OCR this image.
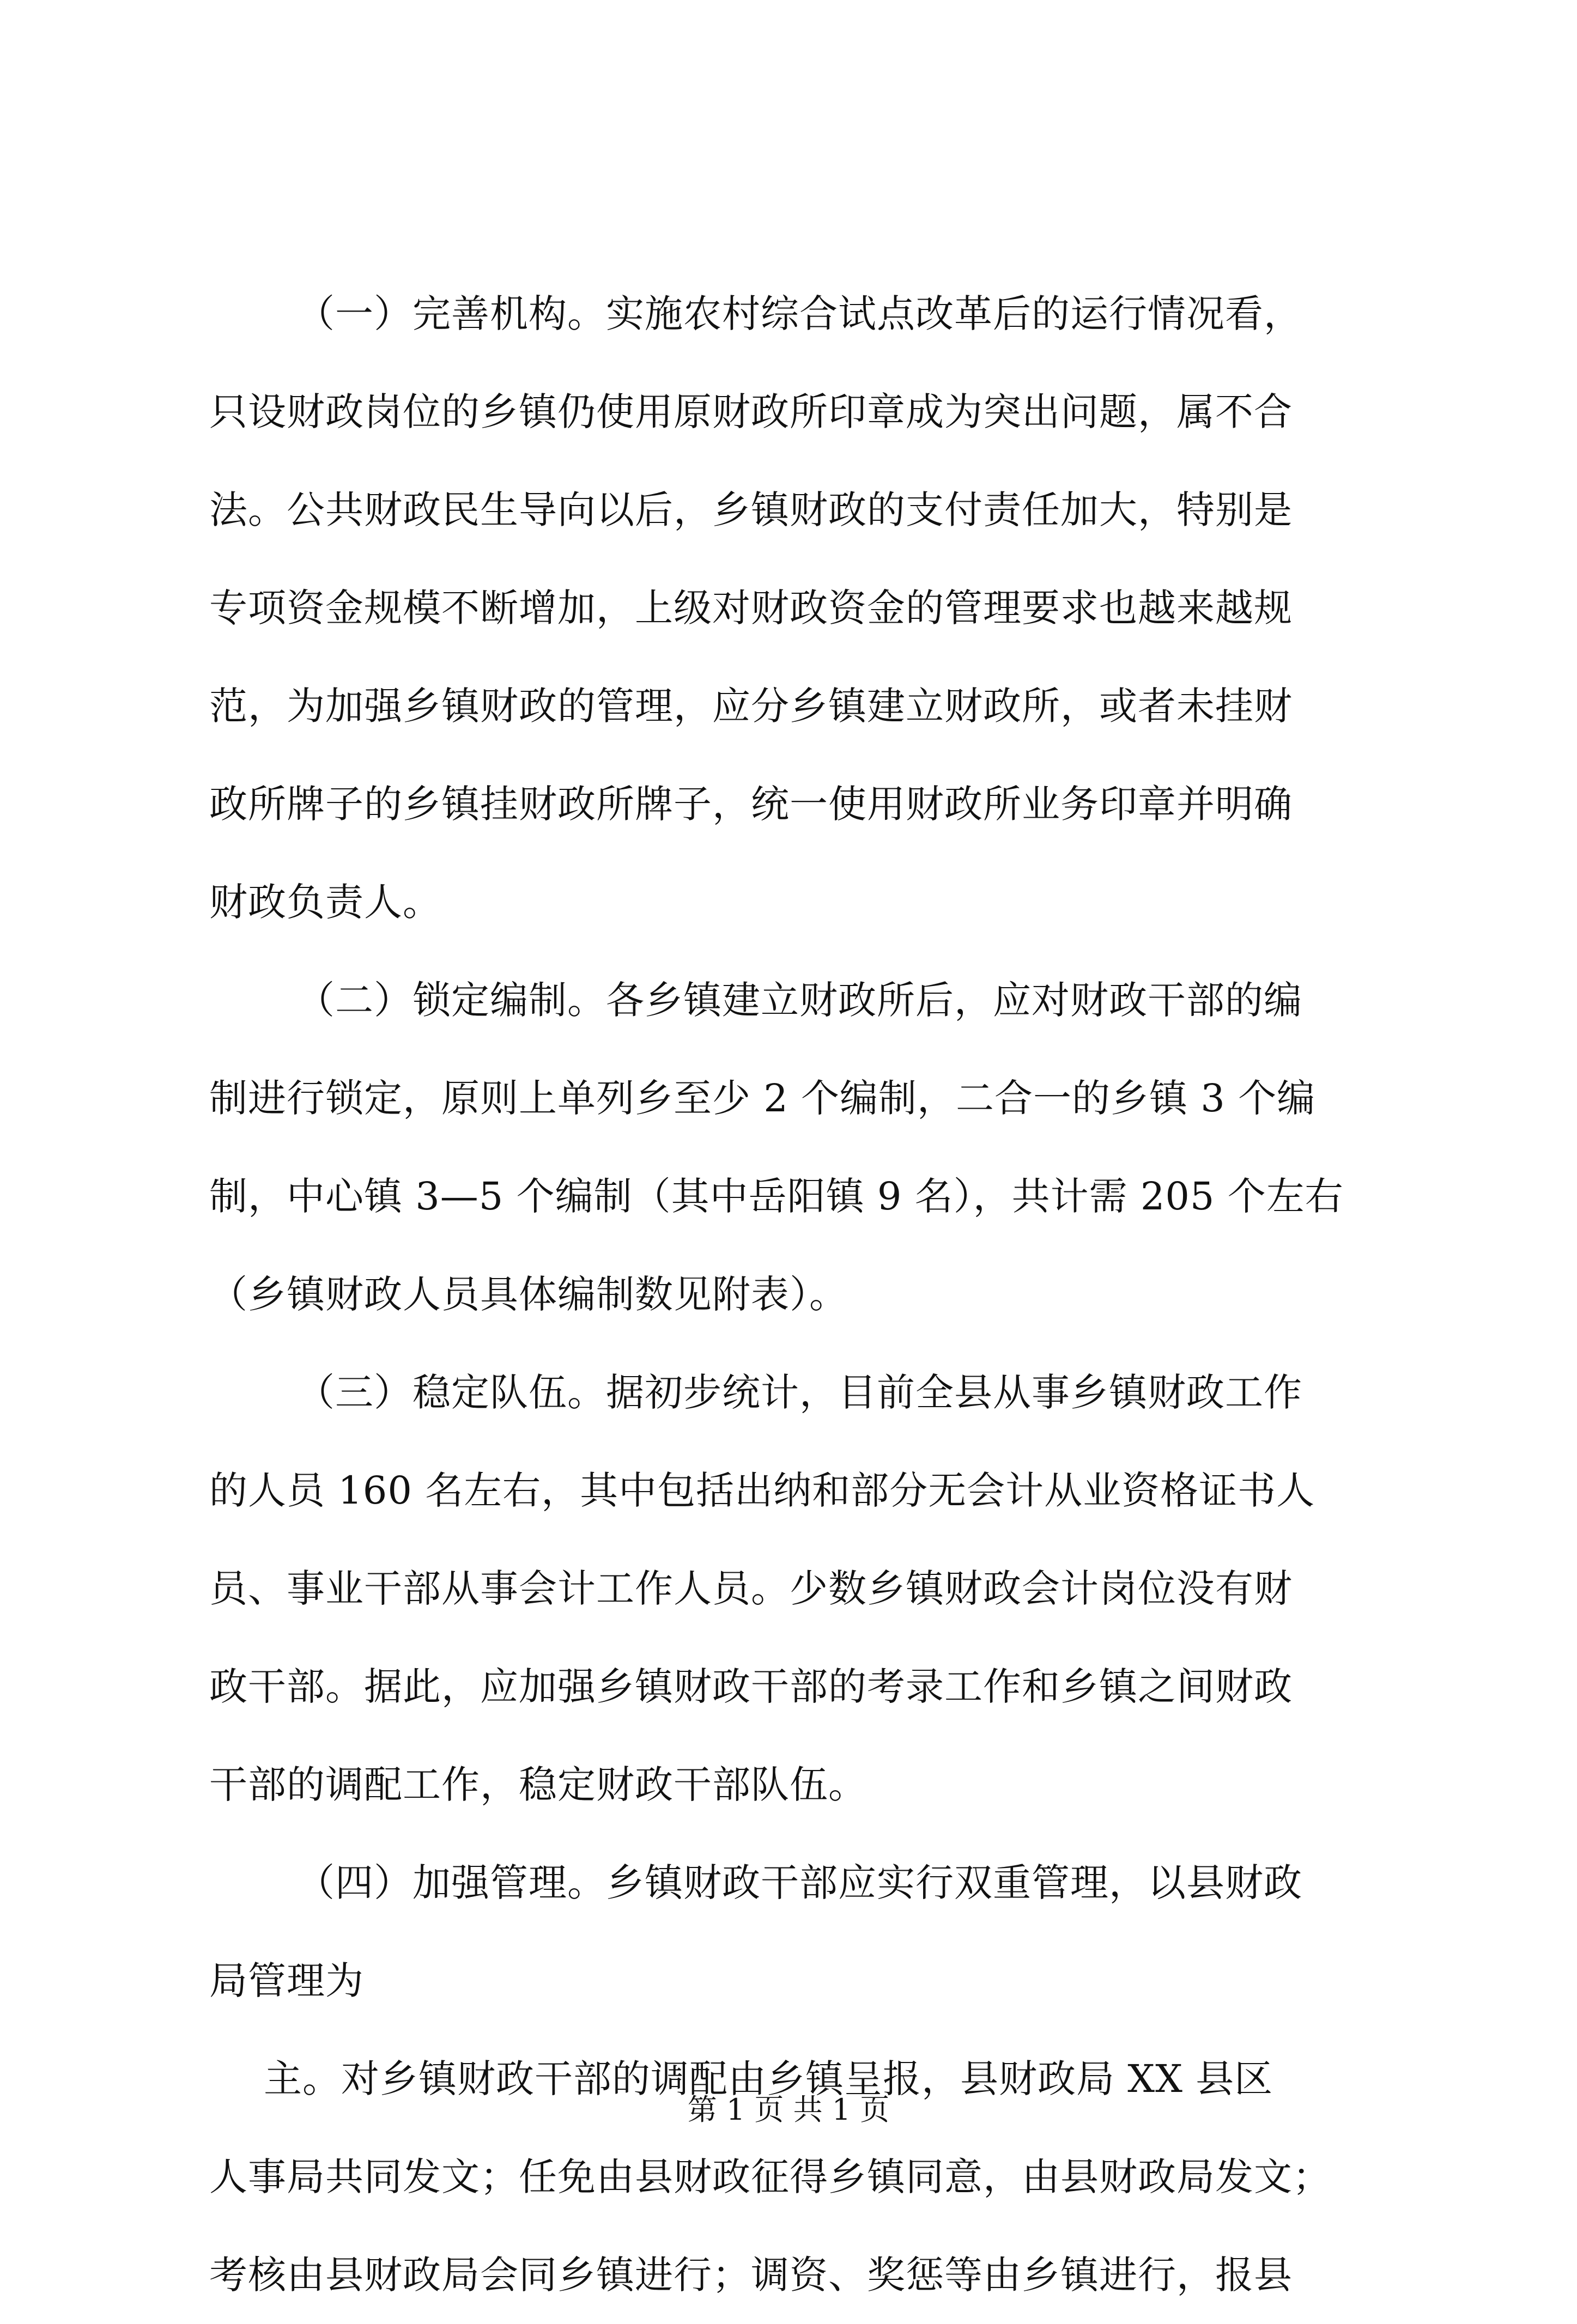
（一）完善机构。实施农村综合试点改革后的运行情况看，
只设财政岗位的乡镇仍使用原财政所印章成为突出问题，属不合
法。公共财政民生导向以后，乡镇财政的支付责任加大，特别是
专项资金规模不断增加，上级对财政资金的管理要求也越来越规
范，为加强乡镇财政的管理，应分乡镇建立财政所，或者未挂财
政所牌子的乡镇挂财政所牌子，统一使用财政所业务印章并明确
财政负责人。
（二）锁定编制。各乡镇建立财政所后，应对财政干部的编
制进行锁定，原则上单列乡至少 2 个编制，二合一的乡镇 3 个编
制，中心镇 3—5 个编制（其中岳阳镇 9 名），共计需 205 个左右
（乡镇财政人员具体编制数见附表）。
（三）稳定队伍。据初步统计，目前全县从事乡镇财政工作
的人员 160 名左右，其中包括出纳和部分无会计从业资格证书人
员、事业干部从事会计工作人员。少数乡镇财政会计岗位没有财
政干部。据此，应加强乡镇财政干部的考录工作和乡镇之间财政
干部的调配工作，稳定财政干部队伍。
（四）加强管理。乡镇财政干部应实行双重管理，以县财政
局管理为
主。对乡镇财政干部的调配由乡镇呈报，县财政局 XX 县区
人事局共同发文；任免由县财政征得乡镇同意，由县财政局发文；
考核由县财政局会同乡镇进行；调资、奖惩等由乡镇进行，报县
第 1 页 共 1 页
